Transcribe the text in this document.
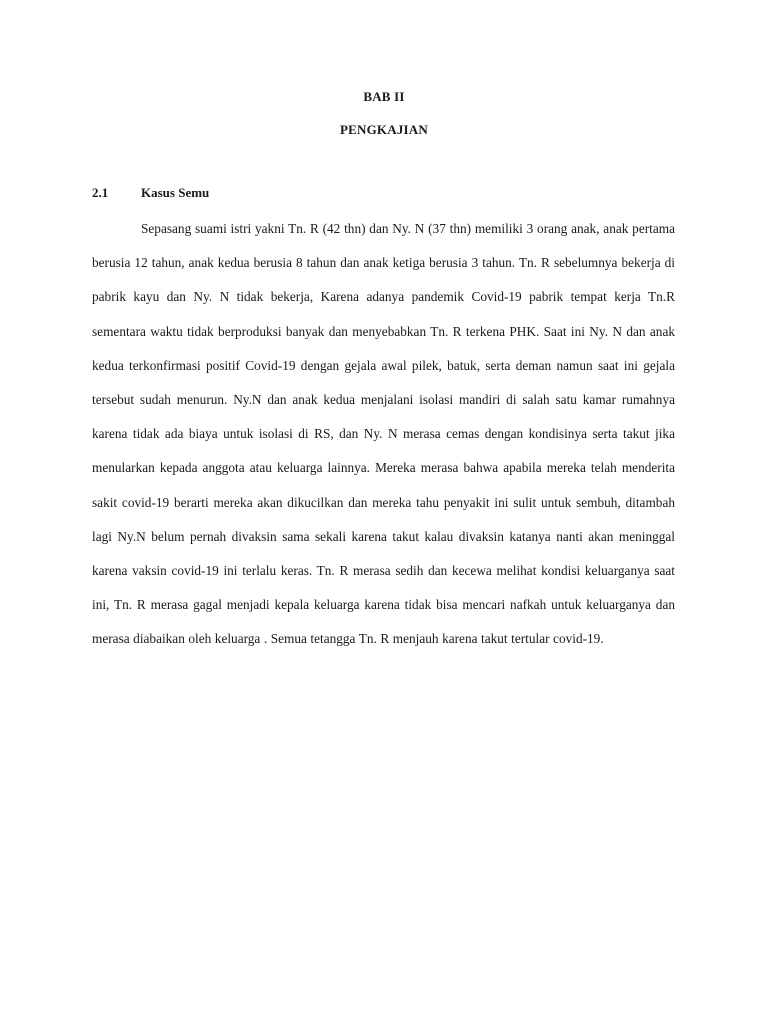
BAB II
PENGKAJIAN
2.1	Kasus Semu

Sepasang suami istri yakni Tn. R (42 thn) dan Ny. N (37 thn) memiliki 3 orang anak, anak pertama berusia 12 tahun, anak kedua berusia 8 tahun dan anak ketiga berusia 3 tahun. Tn. R sebelumnya bekerja di pabrik kayu dan Ny. N tidak bekerja, Karena adanya pandemik Covid-19 pabrik tempat kerja Tn.R sementara waktu tidak berproduksi banyak dan menyebabkan Tn. R terkena PHK. Saat ini Ny. N dan anak kedua terkonfirmasi positif Covid-19 dengan gejala awal pilek, batuk, serta deman namun saat ini gejala tersebut sudah menurun. Ny.N dan anak kedua menjalani isolasi mandiri di salah satu kamar rumahnya karena tidak ada biaya untuk isolasi di RS, dan Ny. N merasa cemas dengan kondisinya serta takut jika menularkan kepada anggota atau keluarga lainnya. Mereka merasa bahwa apabila mereka telah menderita sakit covid-19 berarti mereka akan dikucilkan dan mereka tahu penyakit ini sulit untuk sembuh, ditambah lagi Ny.N belum pernah divaksin sama sekali karena takut kalau divaksin katanya nanti akan meninggal karena vaksin covid-19 ini terlalu keras. Tn. R merasa sedih dan kecewa melihat kondisi keluarganya saat ini, Tn. R merasa gagal menjadi kepala keluarga karena tidak bisa mencari nafkah untuk keluarganya dan merasa diabaikan oleh keluarga . Semua tetangga Tn. R menjauh karena takut tertular covid-19.
